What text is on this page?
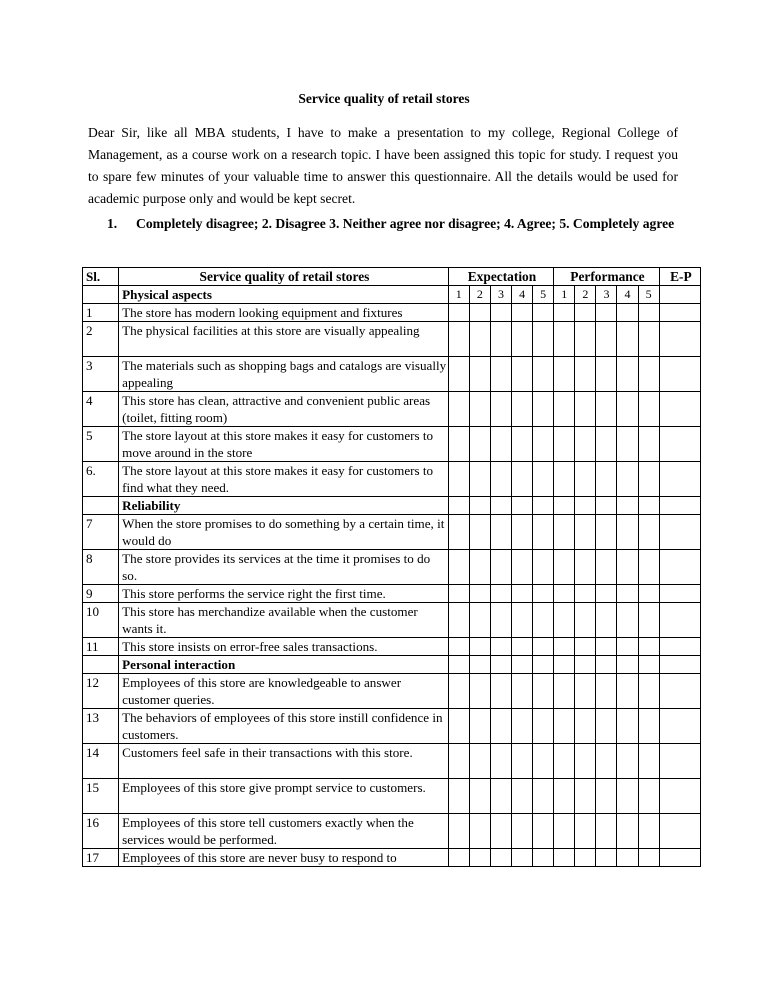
Service quality of retail stores
Dear Sir, like all MBA students, I have to make a presentation to my college, Regional College of Management, as a course work on a research topic. I have been assigned this topic for study. I request you to spare few minutes of your valuable time to answer this questionnaire. All the details would be used for academic purpose only and would be kept secret.
1. Completely disagree; 2. Disagree 3. Neither agree nor disagree; 4. Agree; 5. Completely agree
Sl.	Service quality of retail stores	Expectation					Performance					E-P
	Physical aspects	1	2	3	4	5	1	2	3	4	5	
1	The store has modern looking equipment and fixtures											
2	The physical facilities at this store are visually appealing											
3	The materials such as shopping bags and catalogs are visually appealing											
4	This store has clean, attractive and convenient public areas (toilet, fitting room)											
5	The store layout at this store makes it easy for customers to move around in the store											
6.	The store layout at this store makes it easy for customers to find what they need.											
	Reliability											
7	When the store promises to do something by a certain time, it would do											
8	The store provides its services at the time it promises to do so.											
9	This store performs the service right the first time.											
10	This store has merchandize available when the customer wants it.											
11	This store insists on error-free sales transactions.											
	Personal interaction											
12	Employees of this store are knowledgeable to answer customer queries.											
13	The behaviors of employees of this store instill confidence in customers.											
14	Customers feel safe in their transactions with this store.											
15	Employees of this store give prompt service to customers.											
16	Employees of this store tell customers exactly when the services would be performed.											
17	Employees of this store are never busy to respond to											
